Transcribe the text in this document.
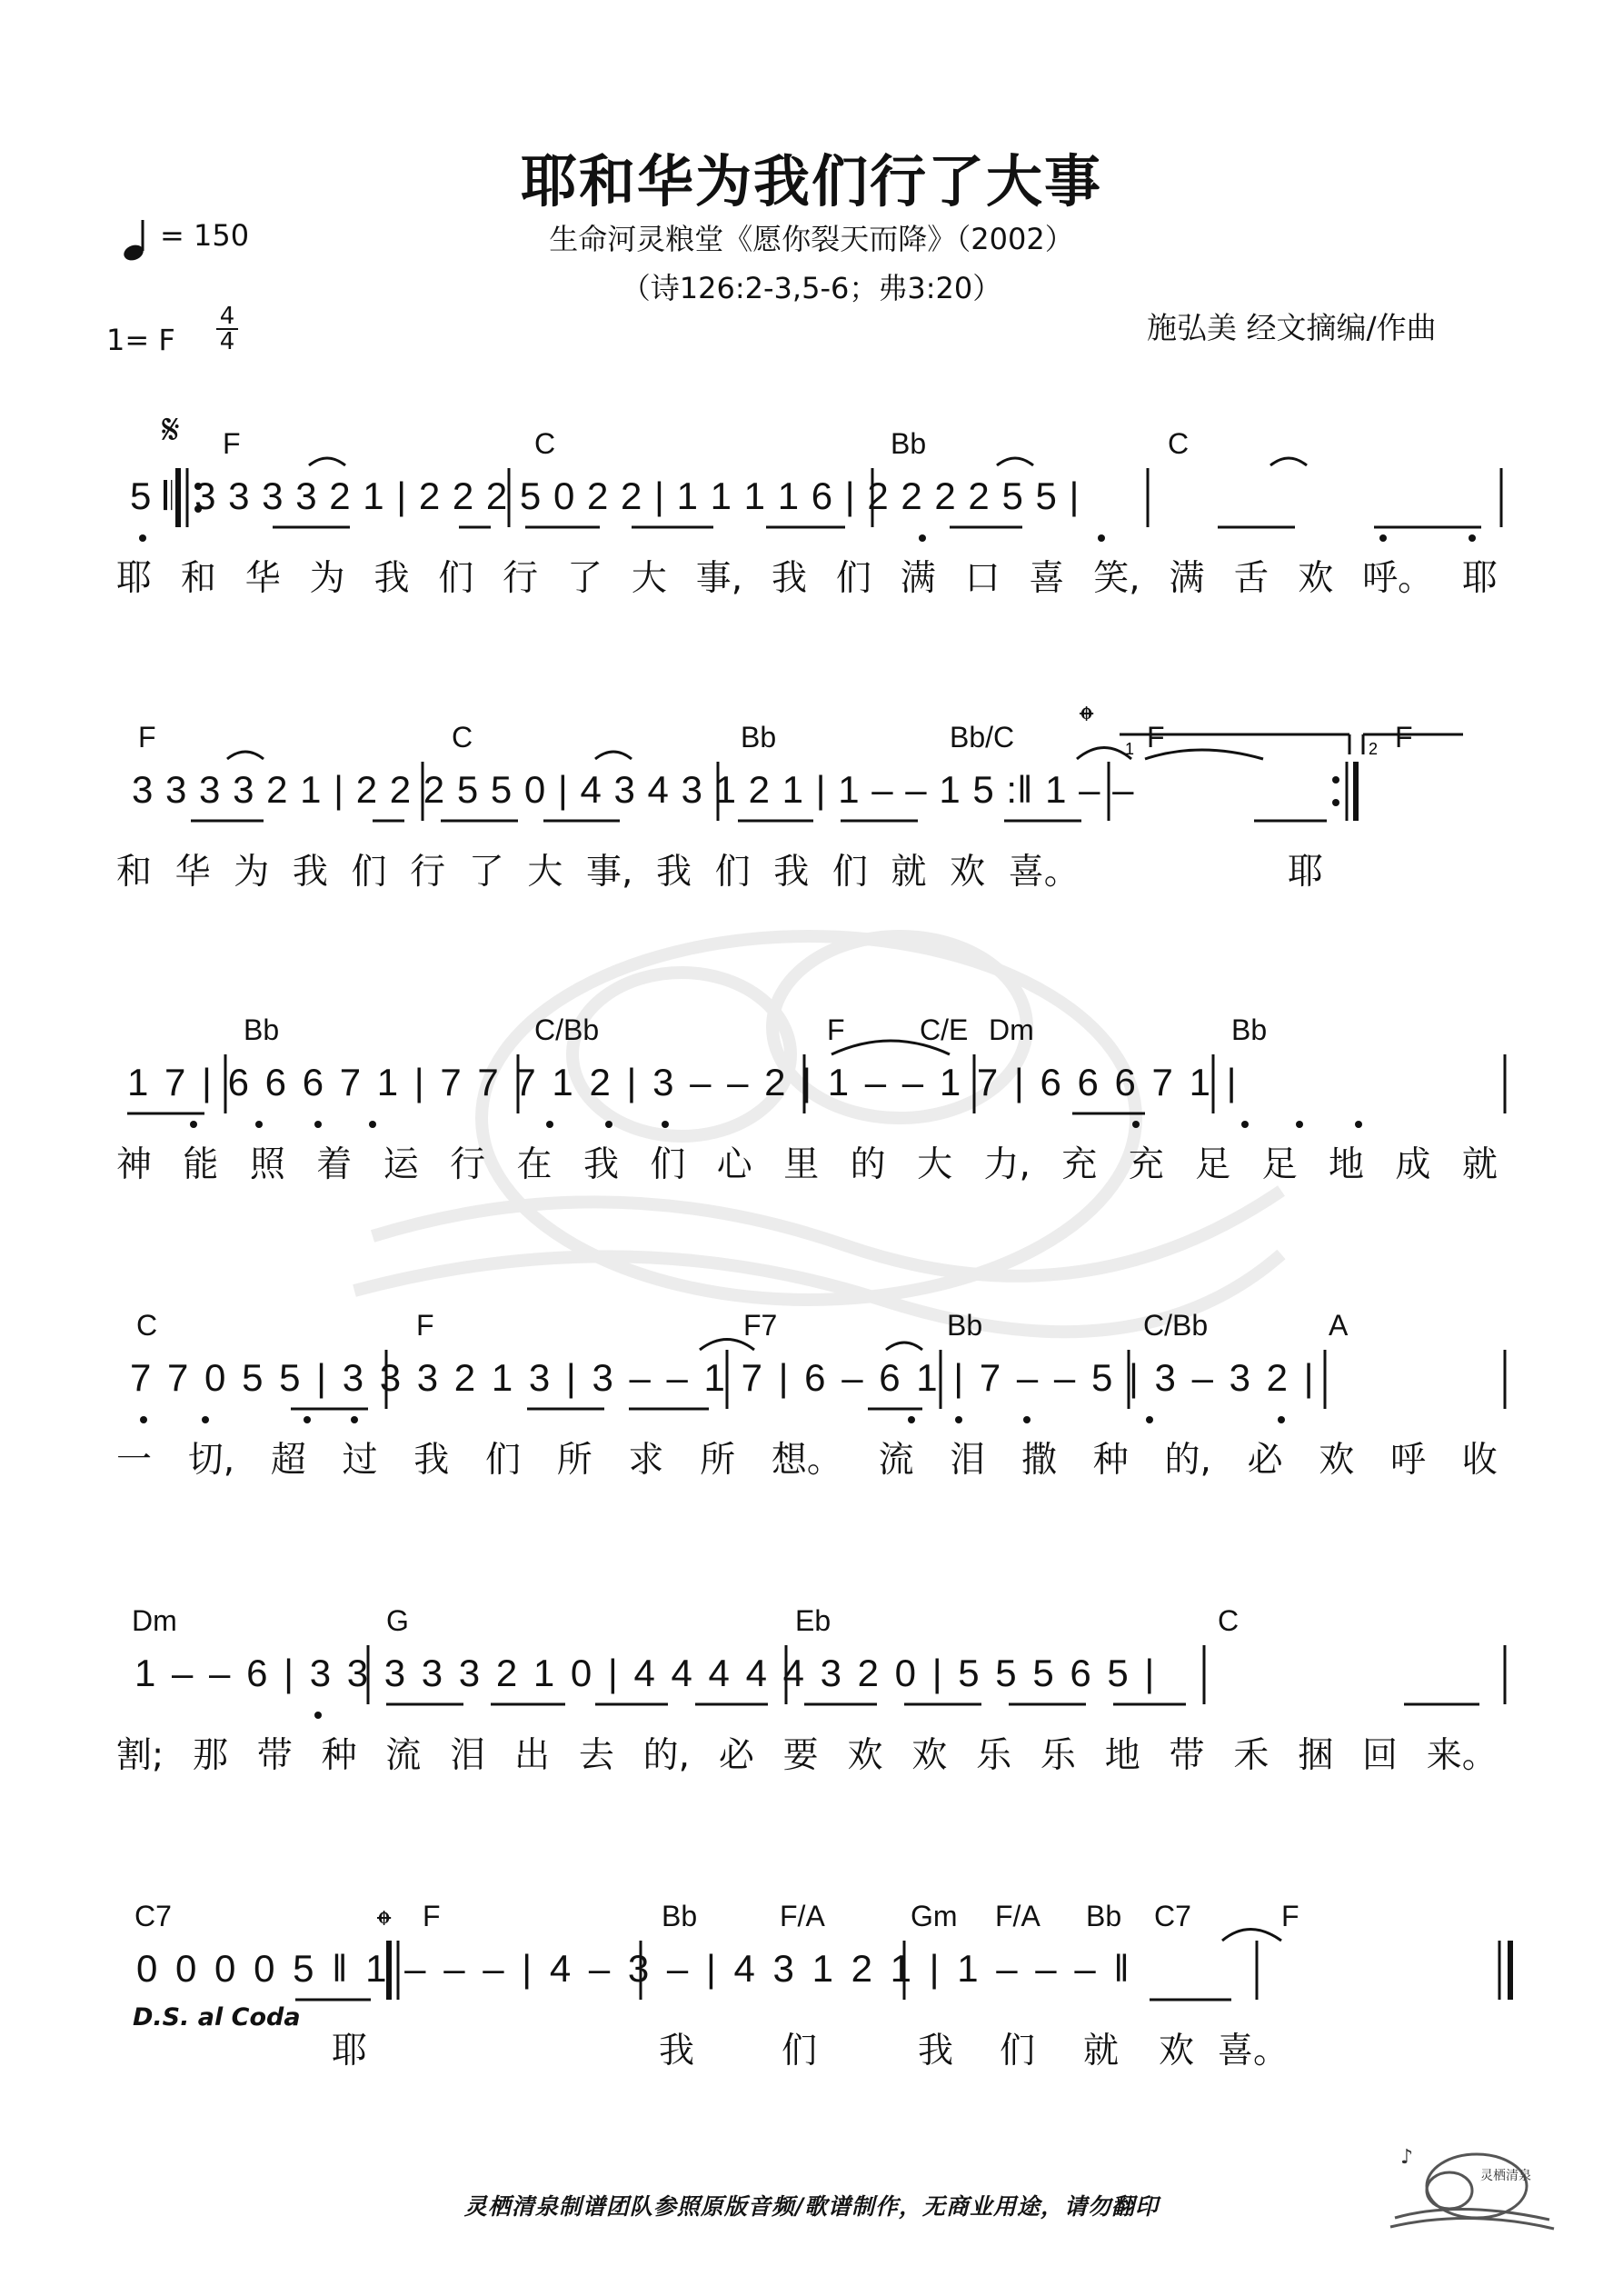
耶和华为我们行了大事
生命河灵粮堂《愿你裂天而降》（2002）
（诗126:2-3,5-6；弗3:20）
= 150
1= F $\frac{4}{4}$	施弘美 经文摘编/作曲
1	2
𝄋
𝄌
𝄌
F	C	Bb	C
5 𝄆 3 3 3 3 2 1 | 2 2 2 5 0 2 2 | 1 1 1 1 6 | 2 2 2 2 5 5 |
耶 和 华 为 我 们 行 了 大 事, 我 们 满 口 喜 笑, 满 舌 欢 呼。 耶
F	C	Bb	Bb/C	F	F
3 3 3 3 2 1 | 2 2 2 5 5 0 | 4 3 4 3 1 2 1 | 1 – – 1 5 :‖ 1 – –
和 华 为 我 们 行 了 大 事, 我 们 我 们 就 欢 喜。	耶
Bb	C/Bb	F	C/E Dm	Bb
1 7 | 6 6 6 7 1 | 7 7 7 1 2 | 3 – – 2 | 1 – – 1 7 | 6 6 6 7 1 |
神 能 照 着 运 行 在 我 们 心 里 的 大 力, 充 充 足 足 地 成 就
C	F	F7	Bb	C/Bb	A
7 7 0 5 5 | 3 3 3 2 1 3 | 3 – – 1 7 | 6 – 6 1 | 7 – – 5 | 3 – 3 2 |
一 切, 超 过 我 们 所 求 所 想。 流 泪 撒 种 的, 必 欢 呼 收
Dm	G	Eb	C
1 – – 6 | 3 3 3 3 3 2 1 0 | 4 4 4 4 4 3 2 0 | 5 5 5 6 5 |
割; 那 带 种 流 泪 出 去 的, 必 要 欢 欢 乐 乐 地 带 禾 捆 回 来。
C7	F	Bb	F/A	Gm F/A Bb C7	F
0 0 0 0 5 ‖ 1 – – – | 4 – 3 – | 4 3 1 2 1 | 1 – – – ‖
D.S. al Coda
耶	我 们	我 们 就 欢 喜。
灵栖清泉制谱团队参照原版音频/歌谱制作，无商业用途，请勿翻印
♪
灵栖清泉
